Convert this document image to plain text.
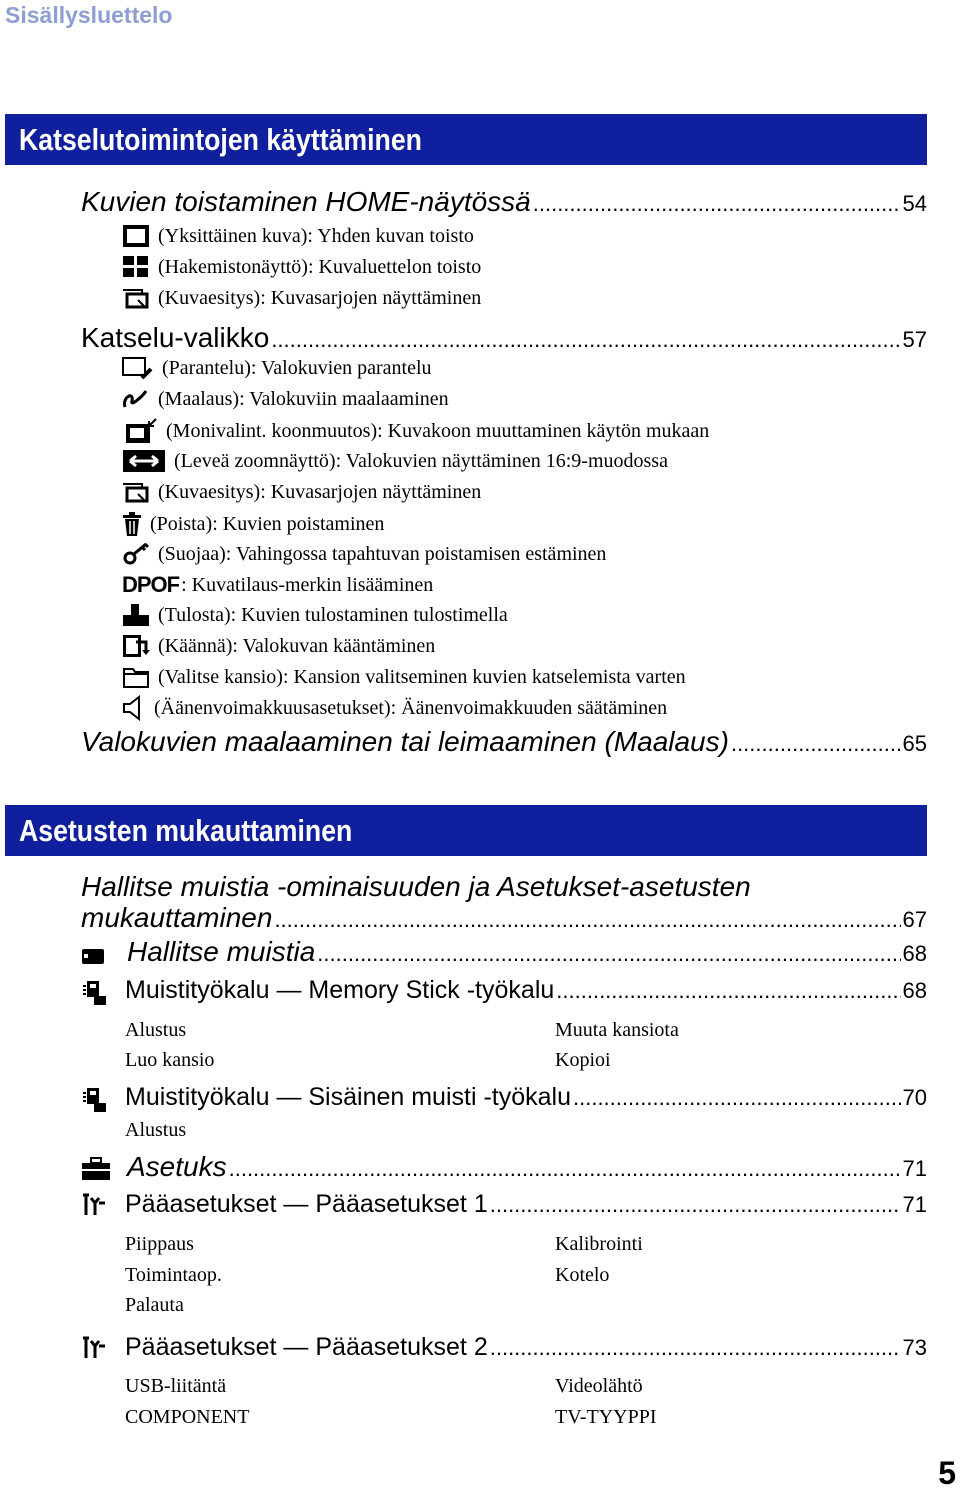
Sisällysluettelo
Katselutoimintojen käyttäminen
Kuvien toistaminen HOME-näytössä .....	54
(Yksittäinen kuva): Yhden kuvan toisto
(Hakemistonäyttö): Kuvaluettelon toisto
(Kuvaesitys): Kuvasarjojen näyttäminen
Katselu-valikko .....	57
(Parantelu): Valokuvien parantelu
(Maalaus): Valokuviin maalaaminen
(Monivalint. koonmuutos): Kuvakoon muuttaminen käytön mukaan
(Leveä zoomnäyttö): Valokuvien näyttäminen 16:9-muodossa
(Kuvaesitys): Kuvasarjojen näyttäminen
(Poista): Kuvien poistaminen
(Suojaa): Vahingossa tapahtuvan poistamisen estäminen
DPOF : Kuvatilaus-merkin lisääminen
(Tulosta): Kuvien tulostaminen tulostimella
(Käännä): Valokuvan kääntäminen
(Valitse kansio): Kansion valitseminen kuvien katselemista varten
(Äänenvoimakkuusasetukset): Äänenvoimakkuuden säätäminen
Valokuvien maalaaminen tai leimaaminen (Maalaus) .....	65
Asetusten mukauttaminen
Hallitse muistia -ominaisuuden ja Asetukset-asetusten
mukauttaminen .....	67
Hallitse muistia .....	68
Muistityökalu — Memory Stick -työkalu .....	68
Alustus	Muuta kansiota
Luo kansio	Kopioi
Muistityökalu — Sisäinen muisti -työkalu .....	70
Alustus
Asetuks .....	71
Pääasetukset — Pääasetukset 1 .....	71
Piippaus	Kalibrointi
Toimintaop.	Kotelo
Palauta
Pääasetukset — Pääasetukset 2 .....	73
USB-liitäntä	Videolähtö
COMPONENT	TV-TYYPPI
5
